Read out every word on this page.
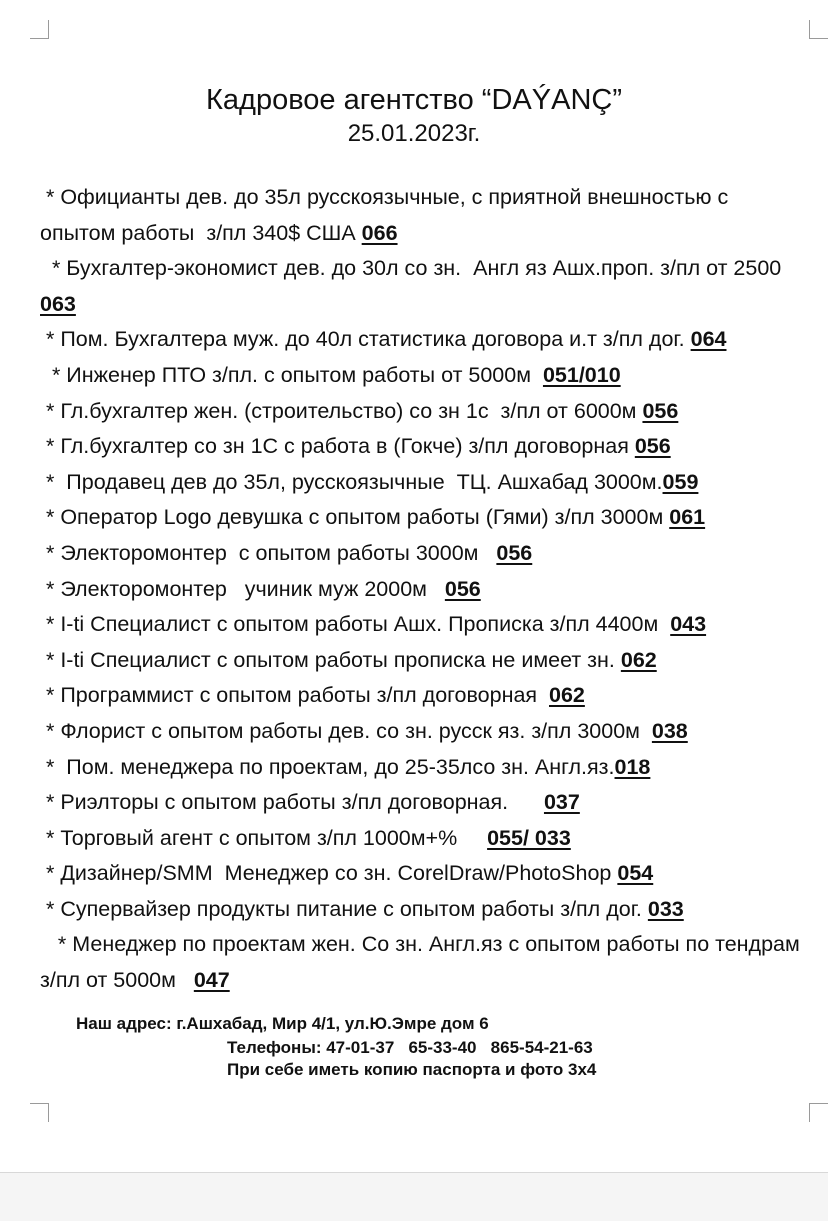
Кадровое агентство “DAÝANÇ”
25.01.2023г.
* Официанты дев. до 35л русскоязычные, с приятной внешностью с опытом работы  з/пл 340$ США 066
* Бухгалтер-экономист дев. до 30л со зн.  Англ яз Ашх.проп. з/пл от 2500 063
* Пом. Бухгалтера муж. до 40л статистика договора и.т з/пл дог. 064
* Инженер ПТО з/пл. с опытом работы от 5000м  051/010
* Гл.бухгалтер жен. (строительство) со зн 1с  з/пл от 6000м 056
* Гл.бухгалтер со зн 1С с работа в (Гокче) з/пл договорная 056
*  Продавец дев до 35л, русскоязычные  ТЦ. Ашхабад 3000м.059
* Оператор Logo девушка с опытом работы (Гями) з/пл 3000м 061
* Электоромонтер  с опытом работы 3000м   056
* Электоромонтер   учиник муж 2000м   056
* I-ti Специалист с опытом работы Ашх. Прописка з/пл 4400м  043
* I-ti Специалист с опытом работы прописка не имеет зн. 062
* Программист с опытом работы з/пл договорная  062
* Флорист с опытом работы дев. со зн. русск яз. з/пл 3000м  038
*  Пом. менеджера по проектам, до 25-35лсо зн. Англ.яз.018
* Риэлторы с опытом работы з/пл договорная.      037
* Торговый агент с опытом з/пл 1000м+%     055/ 033
* Дизайнер/SMM  Менеджер со зн. CorelDraw/PhotoShop 054
* Супервайзер продукты питание с опытом работы з/пл дог. 033
* Менеджер по проектам жен. Со зн. Англ.яз с опытом работы по тендрам з/пл от 5000м   047
Наш адрес: г.Ашхабад, Мир 4/1, ул.Ю.Эмре дом 6
Телефоны: 47-01-37   65-33-40   865-54-21-63
При себе иметь копию паспорта и фото 3х4
